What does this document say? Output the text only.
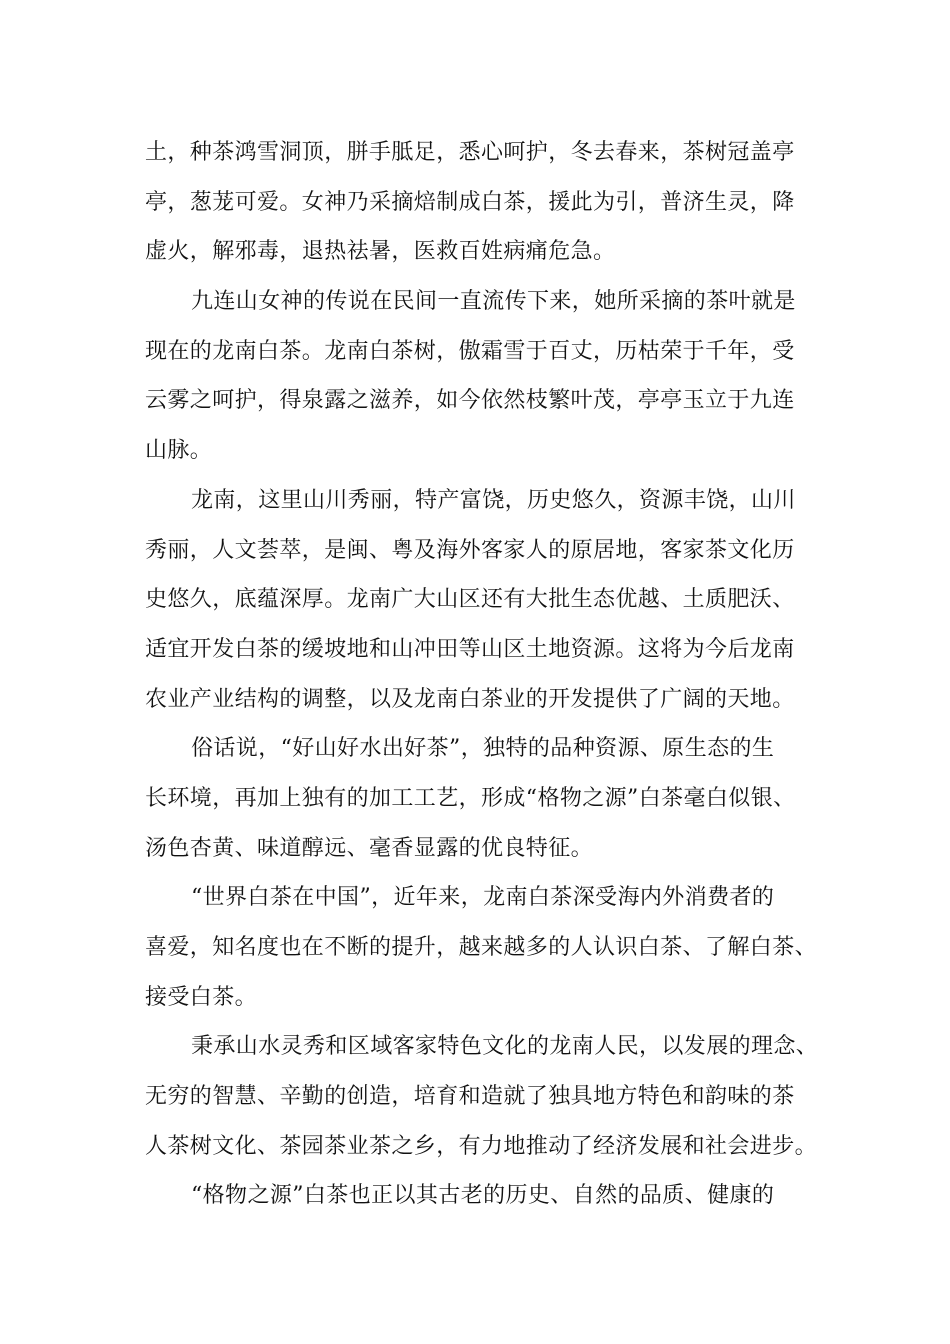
土，种茶鸿雪洞顶，胼手胝足，悉心呵护，冬去春来，茶树冠盖亭
亭，葱茏可爱。女神乃采摘焙制成白茶，援此为引，普济生灵，降
虚火，解邪毒，退热祛暑，医救百姓病痛危急。
九连山女神的传说在民间一直流传下来，她所采摘的茶叶就是
现在的龙南白茶。龙南白茶树，傲霜雪于百丈，历枯荣于千年，受
云雾之呵护，得泉露之滋养，如今依然枝繁叶茂，亭亭玉立于九连
山脉。
龙南，这里山川秀丽，特产富饶，历史悠久，资源丰饶，山川
秀丽，人文荟萃，是闽、粤及海外客家人的原居地，客家茶文化历
史悠久，底蕴深厚。龙南广大山区还有大批生态优越、土质肥沃、
适宜开发白茶的缓坡地和山冲田等山区土地资源。这将为今后龙南
农业产业结构的调整，以及龙南白茶业的开发提供了广阔的天地。
俗话说，“好山好水出好茶”，独特的品种资源、原生态的生
长环境，再加上独有的加工工艺，形成“格物之源”白茶毫白似银、
汤色杏黄、味道醇远、毫香显露的优良特征。
“世界白茶在中国”，近年来，龙南白茶深受海内外消费者的
喜爱，知名度也在不断的提升，越来越多的人认识白茶、了解白茶、
接受白茶。
秉承山水灵秀和区域客家特色文化的龙南人民，以发展的理念、
无穷的智慧、辛勤的创造，培育和造就了独具地方特色和韵味的茶
人茶树文化、茶园茶业茶之乡，有力地推动了经济发展和社会进步。
“格物之源”白茶也正以其古老的历史、自然的品质、健康的
